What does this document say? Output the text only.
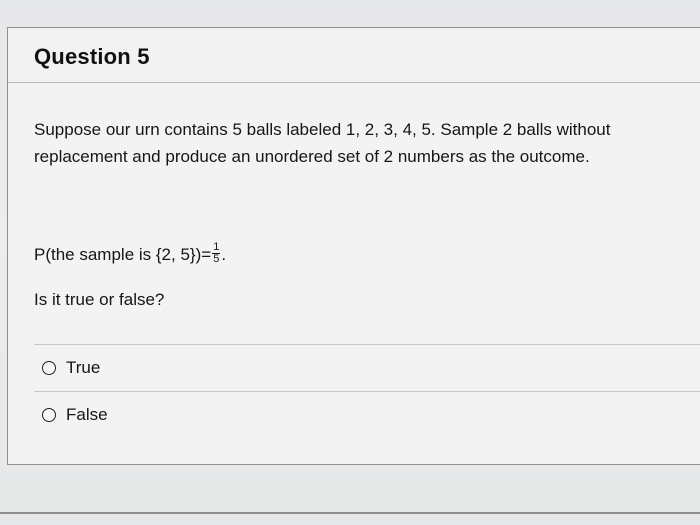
Question 5
Suppose our urn contains 5 balls labeled 1, 2, 3, 4, 5. Sample 2 balls without replacement and produce an unordered set of 2 numbers as the outcome.
P(the sample is {2, $5\})= \frac{1}{5}$ .
Is it true or false?
True
False
